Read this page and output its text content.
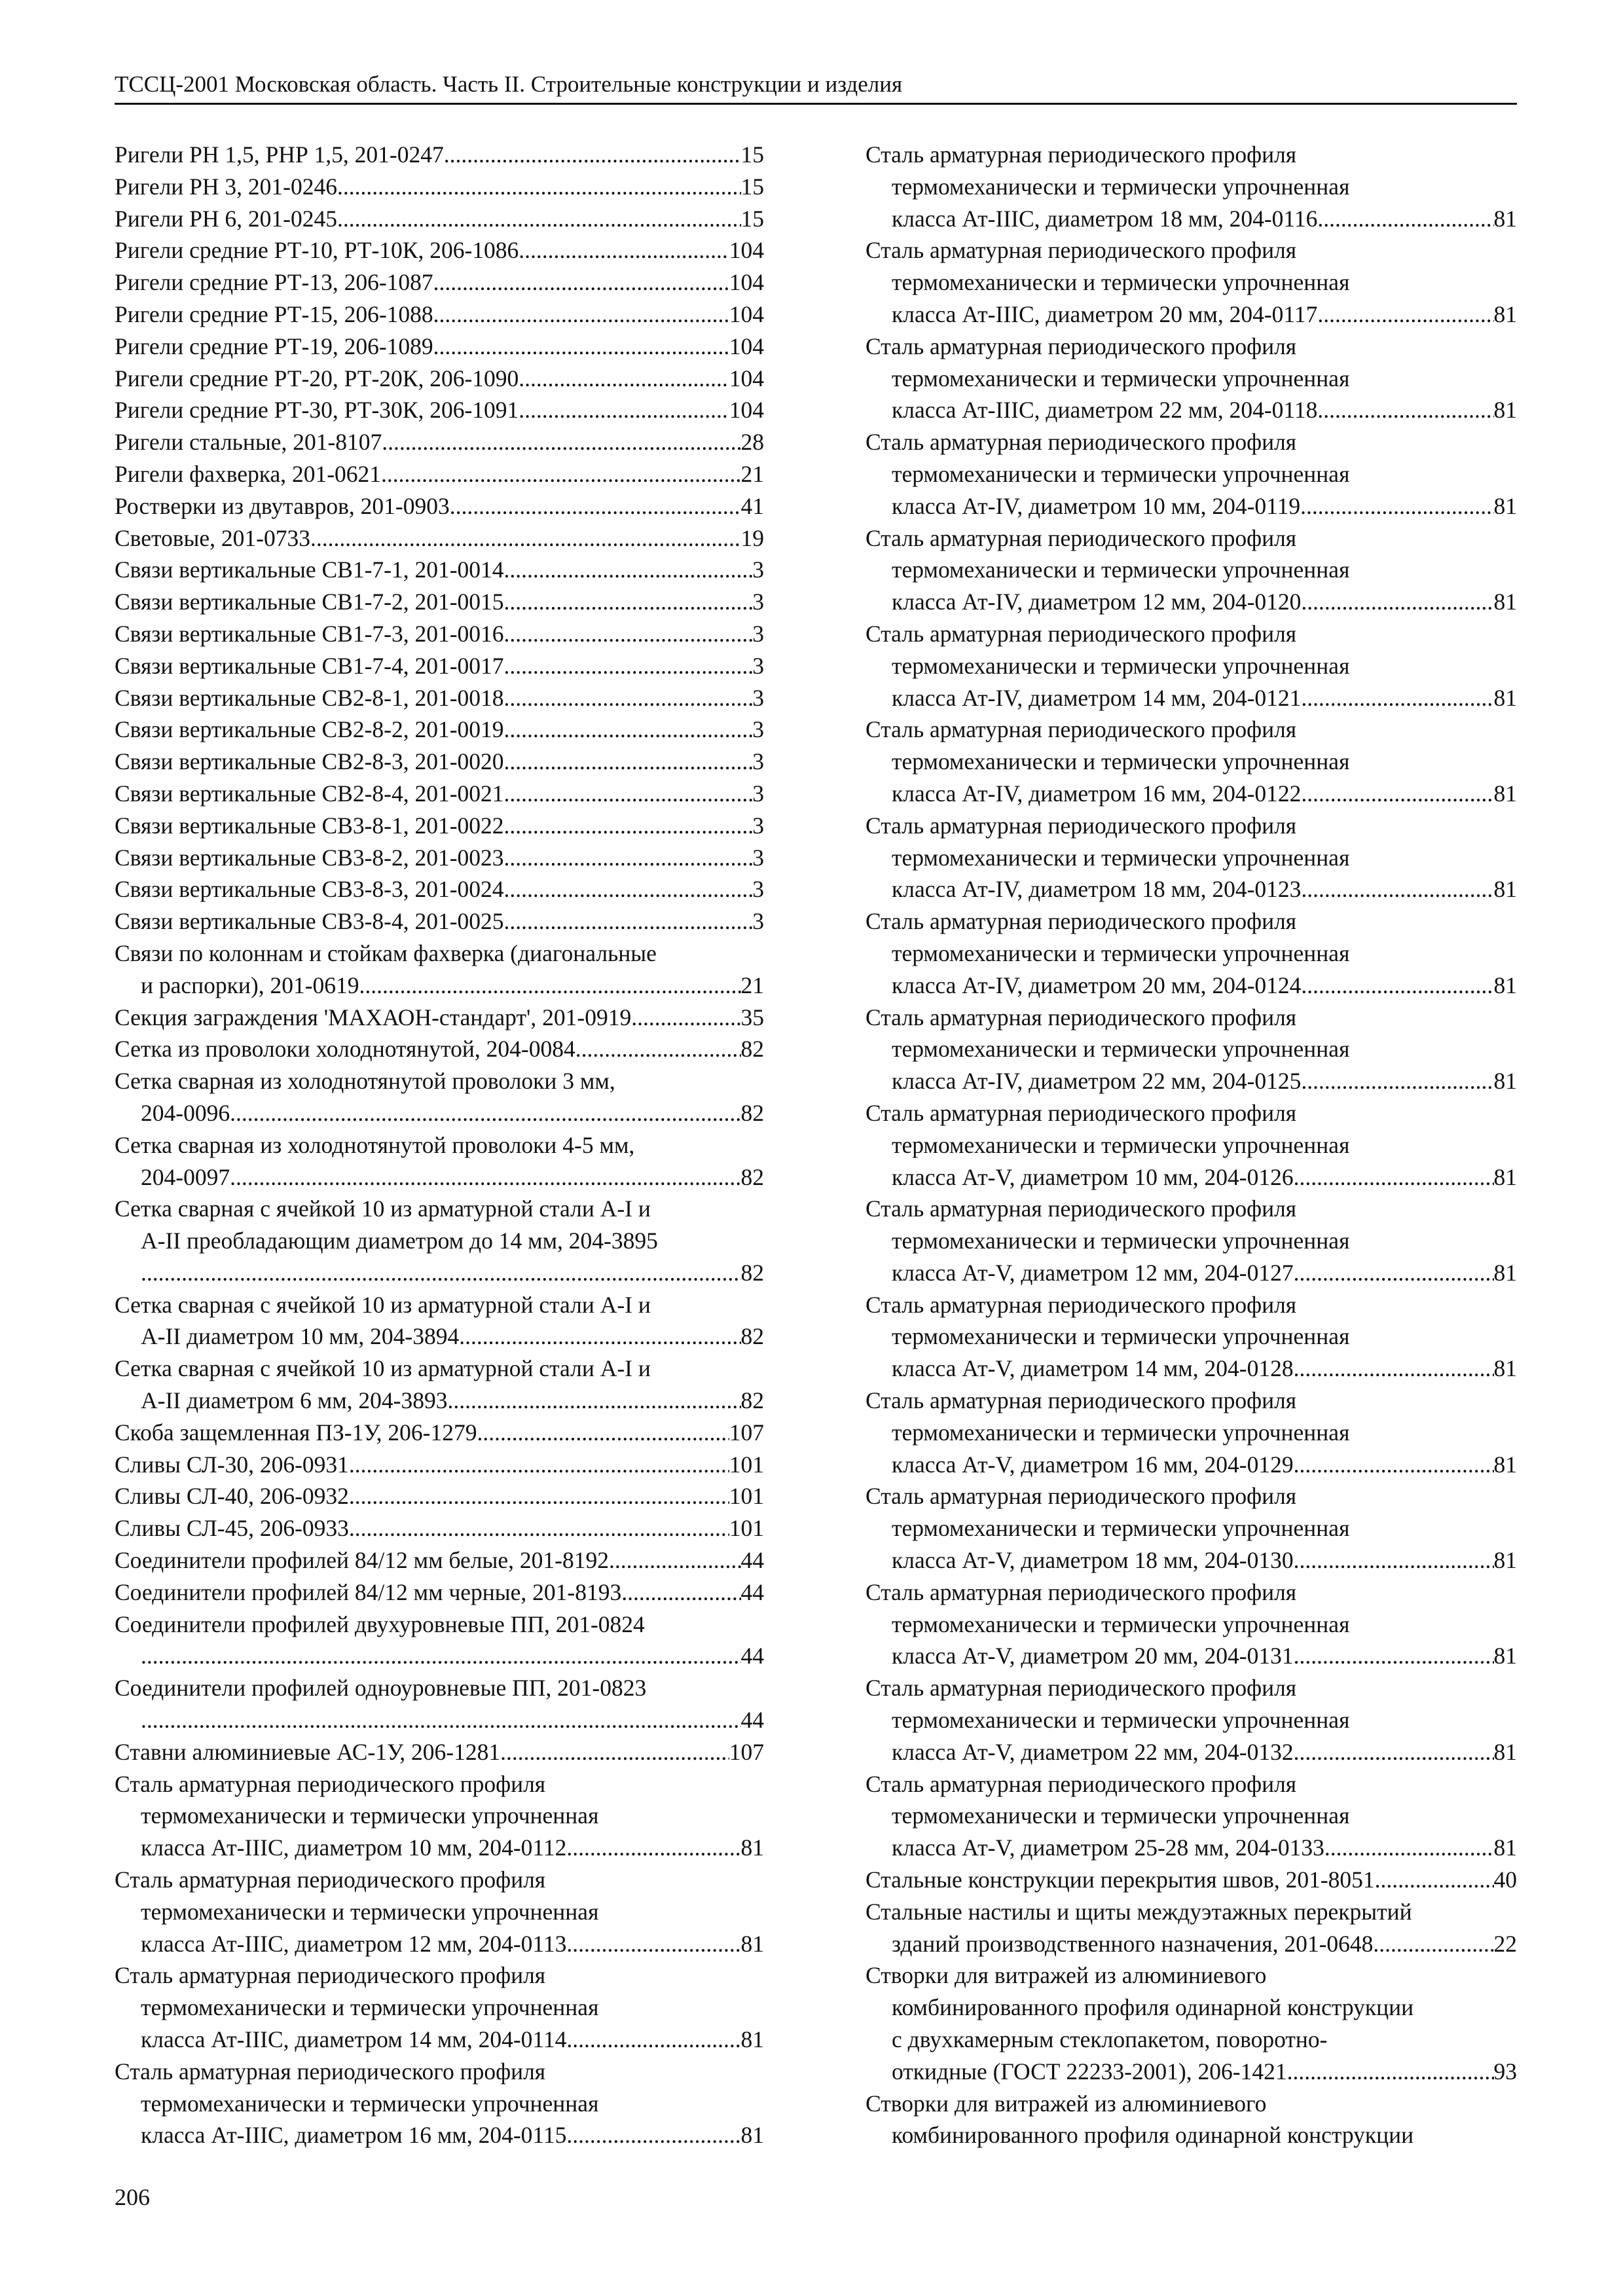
ТССЦ-2001 Московская область. Часть II. Строительные конструкции и изделия
Ригели РН 1,5, РНР 1,5, 201-0247 .....	15
Ригели РН 3, 201-0246 .....	15
Ригели РН 6, 201-0245 .....	15
Ригели средние РТ-10, РТ-10К, 206-1086 .....	104
Ригели средние РТ-13, 206-1087 .....	104
Ригели средние РТ-15, 206-1088 .....	104
Ригели средние РТ-19, 206-1089 .....	104
Ригели средние РТ-20, РТ-20К, 206-1090 .....	104
Ригели средние РТ-30, РТ-30К, 206-1091 .....	104
Ригели стальные, 201-8107 .....	28
Ригели фахверка, 201-0621 .....	21
Ростверки из двутавров, 201-0903 .....	41
Световые, 201-0733 .....	19
Связи вертикальные СВ1-7-1, 201-0014 .....	3
Связи вертикальные СВ1-7-2, 201-0015 .....	3
Связи вертикальные СВ1-7-3, 201-0016 .....	3
Связи вертикальные СВ1-7-4, 201-0017 .....	3
Связи вертикальные СВ2-8-1, 201-0018 .....	3
Связи вертикальные СВ2-8-2, 201-0019 .....	3
Связи вертикальные СВ2-8-3, 201-0020 .....	3
Связи вертикальные СВ2-8-4, 201-0021 .....	3
Связи вертикальные СВ3-8-1, 201-0022 .....	3
Связи вертикальные СВ3-8-2, 201-0023 .....	3
Связи вертикальные СВ3-8-3, 201-0024 .....	3
Связи вертикальные СВ3-8-4, 201-0025 .....	3
Связи по колоннам и стойкам фахверка (диагональные
и распорки), 201-0619 .....	21
Секция заграждения 'МАХАОН-стандарт', 201-0919 .....	35
Сетка из проволоки холоднотянутой, 204-0084 .....	82
Сетка сварная из холоднотянутой проволоки 3 мм,
204-0096 .....	82
Сетка сварная из холоднотянутой проволоки 4-5 мм,
204-0097 .....	82
Сетка сварная с ячейкой 10 из арматурной стали А-I и
А-II преобладающим диаметром до 14 мм, 204-3895
.....
82
Сетка сварная с ячейкой 10 из арматурной стали А-I и
А-II диаметром 10 мм, 204-3894 .....	82
Сетка сварная с ячейкой 10 из арматурной стали А-I и
А-II диаметром 6 мм, 204-3893 .....	82
Скоба защемленная ПЗ-1У, 206-1279 .....	107
Сливы СЛ-30, 206-0931 .....	101
Сливы СЛ-40, 206-0932 .....	101
Сливы СЛ-45, 206-0933 .....	101
Соединители профилей 84/12 мм белые, 201-8192 .....	44
Соединители профилей 84/12 мм черные, 201-8193 .....	44
Соединители профилей двухуровневые ПП, 201-0824
.....
44
Соединители профилей одноуровневые ПП, 201-0823
.....
44
Ставни алюминиевые АС-1У, 206-1281 .....	107
Сталь арматурная периодического профиля
термомеханически и термически упрочненная
класса Ат-IIIС, диаметром 10 мм, 204-0112 .....	81
Сталь арматурная периодического профиля
термомеханически и термически упрочненная
класса Ат-IIIС, диаметром 12 мм, 204-0113 .....	81
Сталь арматурная периодического профиля
термомеханически и термически упрочненная
класса Ат-IIIС, диаметром 14 мм, 204-0114 .....	81
Сталь арматурная периодического профиля
термомеханически и термически упрочненная
класса Ат-IIIС, диаметром 16 мм, 204-0115 .....	81
Сталь арматурная периодического профиля
термомеханически и термически упрочненная
класса Ат-IIIС, диаметром 18 мм, 204-0116 .....	81
Сталь арматурная периодического профиля
термомеханически и термически упрочненная
класса Ат-IIIС, диаметром 20 мм, 204-0117 .....	81
Сталь арматурная периодического профиля
термомеханически и термически упрочненная
класса Ат-IIIС, диаметром 22 мм, 204-0118 .....	81
Сталь арматурная периодического профиля
термомеханически и термически упрочненная
класса Ат-IV, диаметром 10 мм, 204-0119 .....	81
Сталь арматурная периодического профиля
термомеханически и термически упрочненная
класса Ат-IV, диаметром 12 мм, 204-0120 .....	81
Сталь арматурная периодического профиля
термомеханически и термически упрочненная
класса Ат-IV, диаметром 14 мм, 204-0121 .....	81
Сталь арматурная периодического профиля
термомеханически и термически упрочненная
класса Ат-IV, диаметром 16 мм, 204-0122 .....	81
Сталь арматурная периодического профиля
термомеханически и термически упрочненная
класса Ат-IV, диаметром 18 мм, 204-0123 .....	81
Сталь арматурная периодического профиля
термомеханически и термически упрочненная
класса Ат-IV, диаметром 20 мм, 204-0124 .....	81
Сталь арматурная периодического профиля
термомеханически и термически упрочненная
класса Ат-IV, диаметром 22 мм, 204-0125 .....	81
Сталь арматурная периодического профиля
термомеханически и термически упрочненная
класса Ат-V, диаметром 10 мм, 204-0126 .....	81
Сталь арматурная периодического профиля
термомеханически и термически упрочненная
класса Ат-V, диаметром 12 мм, 204-0127 .....	81
Сталь арматурная периодического профиля
термомеханически и термически упрочненная
класса Ат-V, диаметром 14 мм, 204-0128 .....	81
Сталь арматурная периодического профиля
термомеханически и термически упрочненная
класса Ат-V, диаметром 16 мм, 204-0129 .....	81
Сталь арматурная периодического профиля
термомеханически и термически упрочненная
класса Ат-V, диаметром 18 мм, 204-0130 .....	81
Сталь арматурная периодического профиля
термомеханически и термически упрочненная
класса Ат-V, диаметром 20 мм, 204-0131 .....	81
Сталь арматурная периодического профиля
термомеханически и термически упрочненная
класса Ат-V, диаметром 22 мм, 204-0132 .....	81
Сталь арматурная периодического профиля
термомеханически и термически упрочненная
класса Ат-V, диаметром 25-28 мм, 204-0133 .....	81
Стальные конструкции перекрытия швов, 201-8051 .....	40
Стальные настилы и щиты междуэтажных перекрытий
зданий производственного назначения, 201-0648 .....	22
Створки для витражей из алюминиевого
комбинированного профиля одинарной конструкции
с двухкамерным стеклопакетом, поворотно-
откидные (ГОСТ 22233-2001), 206-1421 .....	93
Створки для витражей из алюминиевого
комбинированного профиля одинарной конструкции
206
